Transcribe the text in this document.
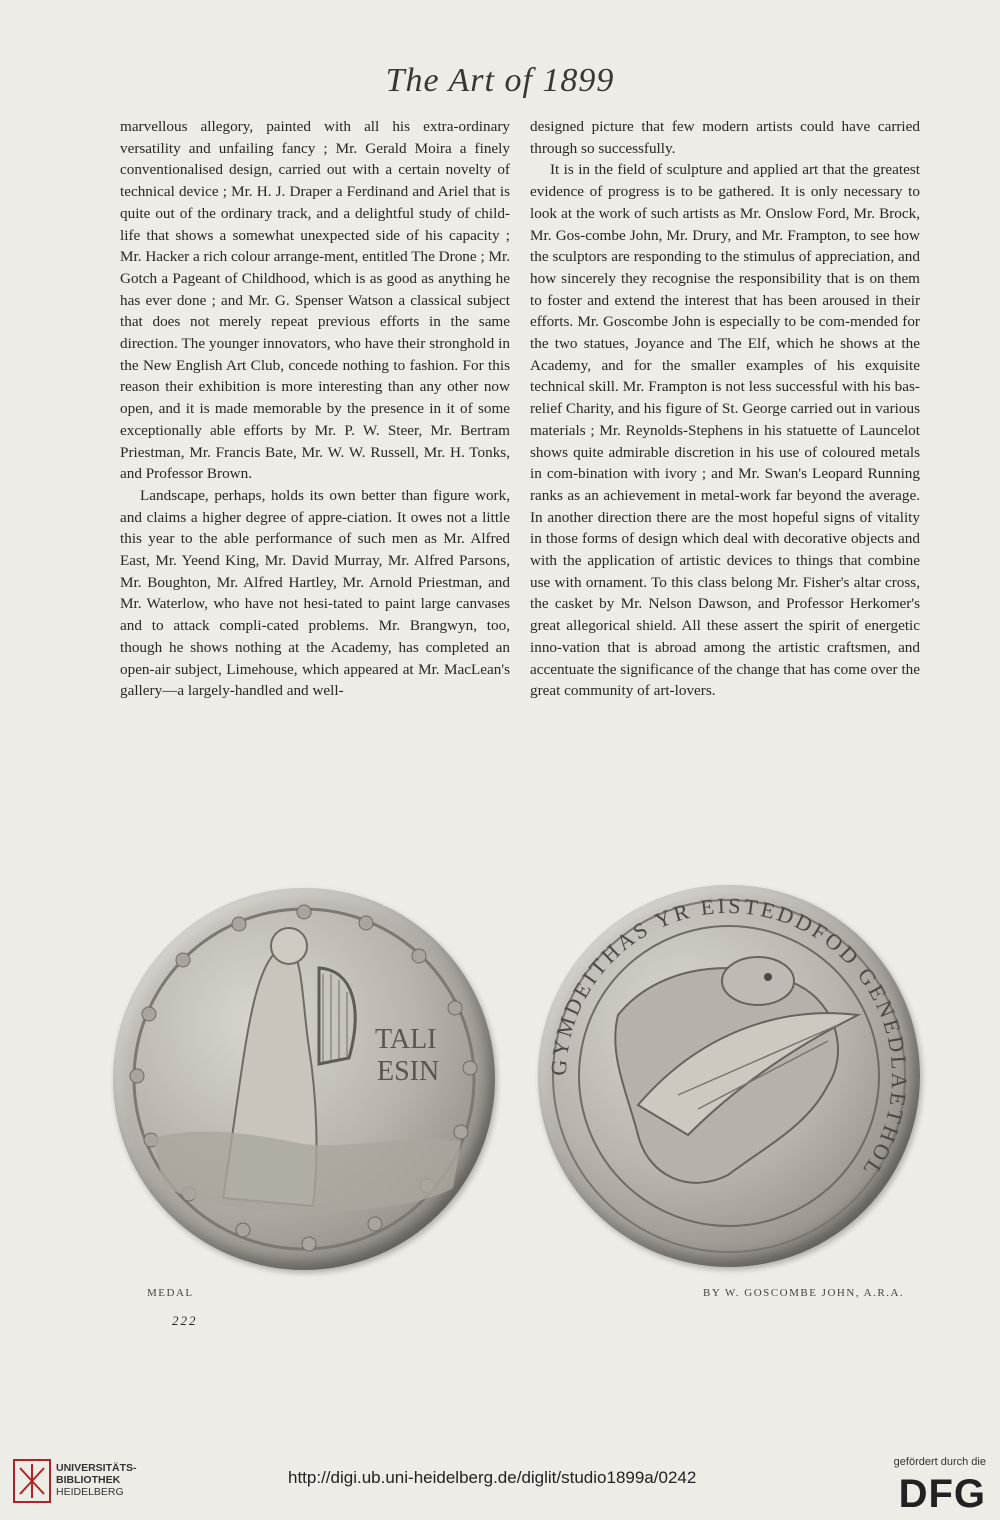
The Art of 1899

marvellous allegory, painted with all his extra-ordinary versatility and unfailing fancy ; Mr. Gerald Moira a finely conventionalised design, carried out with a certain novelty of technical device ; Mr. H. J. Draper a Ferdinand and Ariel that is quite out of the ordinary track, and a delightful study of child-life that shows a somewhat unexpected side of his capacity ; Mr. Hacker a rich colour arrange-ment, entitled The Drone ; Mr. Gotch a Pageant of Childhood, which is as good as anything he has ever done ; and Mr. G. Spenser Watson a classical subject that does not merely repeat previous efforts in the same direction. The younger innovators, who have their stronghold in the New English Art Club, concede nothing to fashion. For this reason their exhibition is more interesting than any other now open, and it is made memorable by the presence in it of some exceptionally able efforts by Mr. P. W. Steer, Mr. Bertram Priestman, Mr. Francis Bate, Mr. W. W. Russell, Mr. H. Tonks, and Professor Brown.

Landscape, perhaps, holds its own better than figure work, and claims a higher degree of appre-ciation. It owes not a little this year to the able performance of such men as Mr. Alfred East, Mr. Yeend King, Mr. David Murray, Mr. Alfred Parsons, Mr. Boughton, Mr. Alfred Hartley, Mr. Arnold Priestman, and Mr. Waterlow, who have not hesi-tated to paint large canvases and to attack compli-cated problems. Mr. Brangwyn, too, though he shows nothing at the Academy, has completed an open-air subject, Limehouse, which appeared at Mr. MacLean's gallery—a largely-handled and well-

designed picture that few modern artists could have carried through so successfully.

It is in the field of sculpture and applied art that the greatest evidence of progress is to be gathered. It is only necessary to look at the work of such artists as Mr. Onslow Ford, Mr. Brock, Mr. Gos-combe John, Mr. Drury, and Mr. Frampton, to see how the sculptors are responding to the stimulus of appreciation, and how sincerely they recognise the responsibility that is on them to foster and extend the interest that has been aroused in their efforts. Mr. Goscombe John is especially to be com-mended for the two statues, Joyance and The Elf, which he shows at the Academy, and for the smaller examples of his exquisite technical skill. Mr. Frampton is not less successful with his bas-relief Charity, and his figure of St. George carried out in various materials ; Mr. Reynolds-Stephens in his statuette of Launcelot shows quite admirable discretion in his use of coloured metals in com-bination with ivory ; and Mr. Swan's Leopard Running ranks as an achievement in metal-work far beyond the average. In another direction there are the most hopeful signs of vitality in those forms of design which deal with decorative objects and with the application of artistic devices to things that combine use with ornament. To this class belong Mr. Fisher's altar cross, the casket by Mr. Nelson Dawson, and Professor Herkomer's great allegorical shield. All these assert the spirit of energetic inno-vation that is abroad among the artistic craftsmen, and accentuate the significance of the change that has come over the great community of art-lovers.

TALI
ESIN	GYMDEITHAS YR EISTEDDFOD GENEDLAETHOL
MEDAL	BY W. GOSCOMBE JOHN, A.R.A.
222
UNIVERSITÄTS-
BIBLIOTHEK
HEIDELBERG
http://digi.ub.uni-heidelberg.de/diglit/studio1899a/0242
gefördert durch die
DFG
